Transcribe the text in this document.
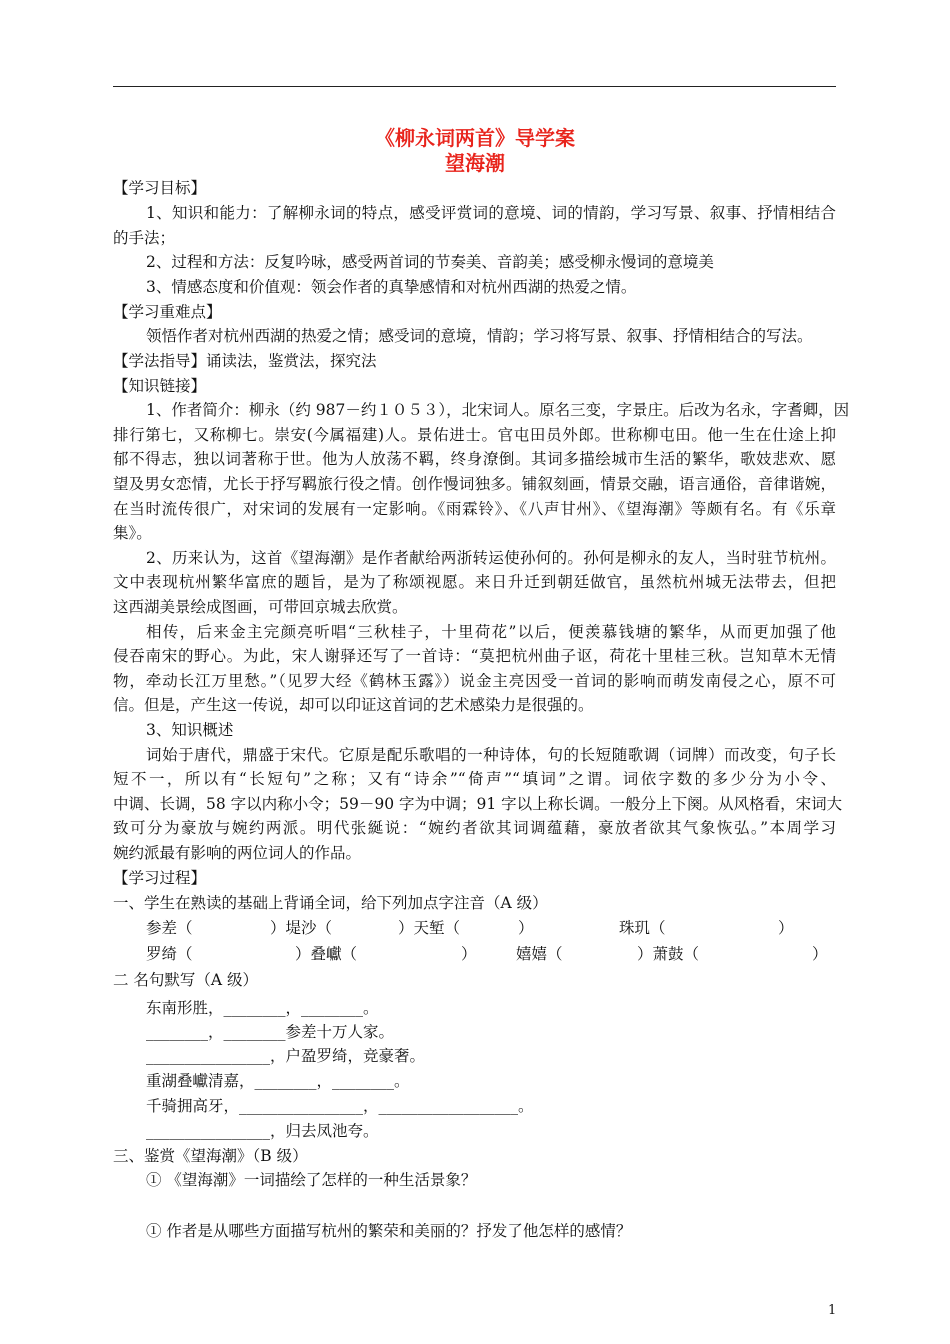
《柳永词两首》导学案
望海潮
【学习目标】
1、知识和能力：了解柳永词的特点，感受评赏词的意境、词的情韵，学习写景、叙事、抒情相结合
的手法；
2、过程和方法：反复吟咏，感受两首词的节奏美、音韵美；感受柳永慢词的意境美
3、情感态度和价值观：领会作者的真挚感情和对杭州西湖的热爱之情。
【学习重难点】
领悟作者对杭州西湖的热爱之情；感受词的意境，情韵；学习将写景、叙事、抒情相结合的写法。
【学法指导】诵读法，鉴赏法，探究法
【知识链接】
1、作者简介：柳永（约 987－约１０５３），北宋词人。原名三变，字景庄。后改为名永，字耆卿，因
排行第七，又称柳七。崇安(今属福建)人。景佑进士。官屯田员外郎。世称柳屯田。他一生在仕途上抑
郁不得志，独以词著称于世。他为人放荡不羁，终身潦倒。其词多描绘城市生活的繁华，歌妓悲欢、愿
望及男女恋情，尤长于抒写羁旅行役之情。创作慢词独多。铺叙刻画，情景交融，语言通俗，音律谐婉，
在当时流传很广，对宋词的发展有一定影响。《雨霖铃》、《八声甘州》、《望海潮》等颇有名。有《乐章
集》。
2、历来认为，这首《望海潮》是作者献给两浙转运使孙何的。孙何是柳永的友人，当时驻节杭州。
文中表现杭州繁华富庶的题旨，是为了称颂视愿。来日升迁到朝廷做官，虽然杭州城无法带去，但把
这西湖美景绘成图画，可带回京城去欣赏。
相传，后来金主完颜亮听唱“三秋桂子，十里荷花”以后，便羡慕钱塘的繁华，从而更加强了他
侵吞南宋的野心。为此，宋人谢驿还写了一首诗：“莫把杭州曲子讴，荷花十里桂三秋。岂知草木无情
物，牵动长江万里愁。”（见罗大经《鹤林玉露》）说金主亮因受一首词的影响而萌发南侵之心，原不可
信。但是，产生这一传说，却可以印证这首词的艺术感染力是很强的。
3、知识概述
词始于唐代，鼎盛于宋代。它原是配乐歌唱的一种诗体，句的长短随歌调（词牌）而改变，句子长
短不一，所以有“长短句”之称；又有“诗余”“倚声”“填词”之谓。词依字数的多少分为小令、
中调、长调，58 字以内称小令；59－90 字为中调；91 字以上称长调。一般分上下阕。从风格看，宋词大
致可分为豪放与婉约两派。明代张綖说：“婉约者欲其词调蕴藉，豪放者欲其气象恢弘。”本周学习
婉约派最有影响的两位词人的作品。
【学习过程】
一、学生在熟读的基础上背诵全词，给下列加点字注音（A 级）
参差（	）堤沙（	）天堑（	）	珠玑（	）
罗绮（	）叠巘（	）	嬉嬉（	）萧鼓（	）
二 名句默写（A 级）
东南形胜，________，________。
________，________参差十万人家。
________________，户盈罗绮，竞豪奢。
重湖叠巘清嘉，________，________。
千骑拥高牙，________________，__________________。
________________，归去凤池夸。
三、鉴赏《望海潮》（B 级）
① 《望海潮》一词描绘了怎样的一种生活景象？
① 作者是从哪些方面描写杭州的繁荣和美丽的？抒发了他怎样的感情？
1
